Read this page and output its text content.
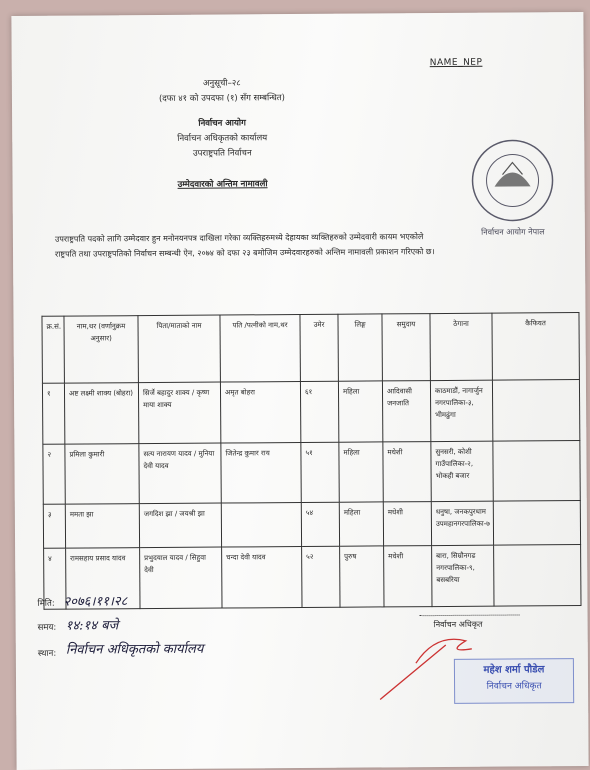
NAME_NEP
अनुसूची–२८
(दफा ४१ को उपदफा (१) सँग सम्बन्धित)
निर्वाचन आयोग
निर्वाचन अधिकृतको कार्यालय
उपराष्ट्रपति निर्वाचन
उम्मेदवारको अन्तिम नामावली
निर्वाचन आयोग नेपाल
उपराष्ट्रपति पदको लागि उम्मेदवार हुन मनोनयनपत्र दाखिला गरेका व्यक्तिहरुमध्ये देहायका व्यक्तिहरुको उम्मेदवारी कायम भएकोले राष्ट्रपति तथा उपराष्ट्रपतिको निर्वाचन सम्बन्धी ऐन, २०७४ को दफा २३ बमोजिम उम्मेदवारहरुको अन्तिम नामावली प्रकाशन गरिएको छ।
क्र.सं.	नाम,थर (वर्णानुक्रम अनुसार)	पिता/माताको नाम	पति /पत्नीको नाम,थर	उमेर	लिङ्ग	समुदाय	ठेगाना	कैफियत
१	अष्ट लक्ष्मी शाक्य (बोहरा)	सिर्जे बहादुर शाक्य / कृष्ण माया शाक्य	अमृत बोहरा	६१	महिला	आदिवासी जनजाति	काठमाडौं, नागार्जुन नगरपालिका-३, भीमढुंगा	
२	प्रमिला कुमारी	सत्य नारायण यादव / मुनिया देवी यादव	जितेन्द्र कुमार राय	५१	महिला	मधेशी	सुनसरी, कोशी गाउँपालिका-२, भोकही बजार	
३	ममता झा	जगदिश झा / जयश्री झा		५४	महिला	मधेशी	धनुषा, जनकपुरधाम उपमहानगरपालिका-७	
४	रामसहाय प्रसाद यादव	प्रभुदयाल यादव / सिहुवा देवी	चन्दा देवी यादव	५२	पुरुष	मधेशी	बारा, सिम्रौनगढ नगरपालिका-९, बसबरिया	
मिति: २०७६।११।२८
समय: १४:१४ बजे
स्थान: निर्वाचन अधिकृतको कार्यालय
निर्वाचन अधिकृत
महेश शर्मा पौडेल
निर्वाचन अधिकृत
